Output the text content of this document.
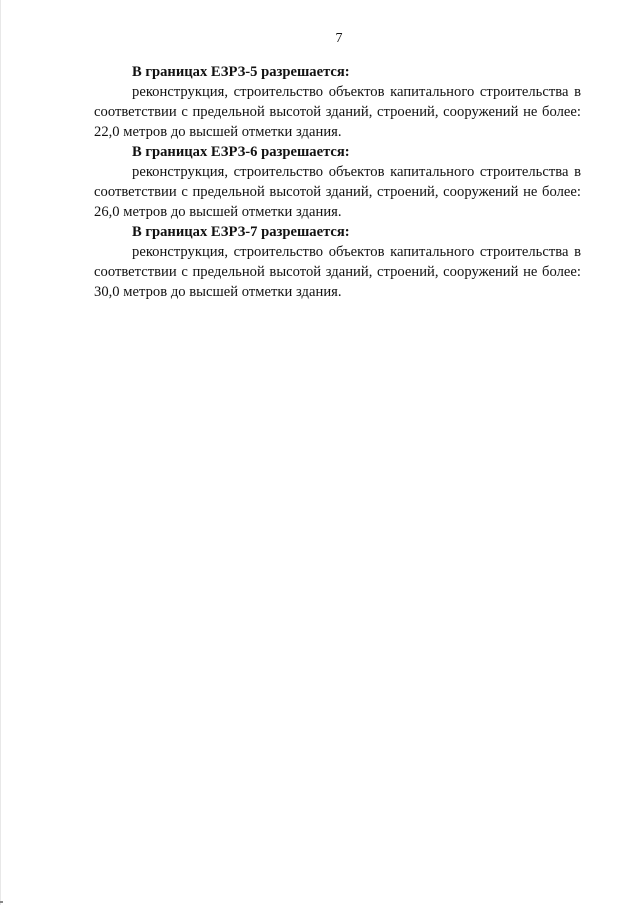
7

В границах ЕЗРЗ-5 разрешается:

реконструкция, строительство объектов капитального строительства в соответствии с предельной высотой зданий, строений, сооружений не более: 22,0 метров до высшей отметки здания.

В границах ЕЗРЗ-6 разрешается:

реконструкция, строительство объектов капитального строительства в соответствии с предельной высотой зданий, строений, сооружений не более: 26,0 метров до высшей отметки здания.

В границах ЕЗРЗ-7 разрешается:

реконструкция, строительство объектов капитального строительства в соответствии с предельной высотой зданий, строений, сооружений не более: 30,0 метров до высшей отметки здания.
